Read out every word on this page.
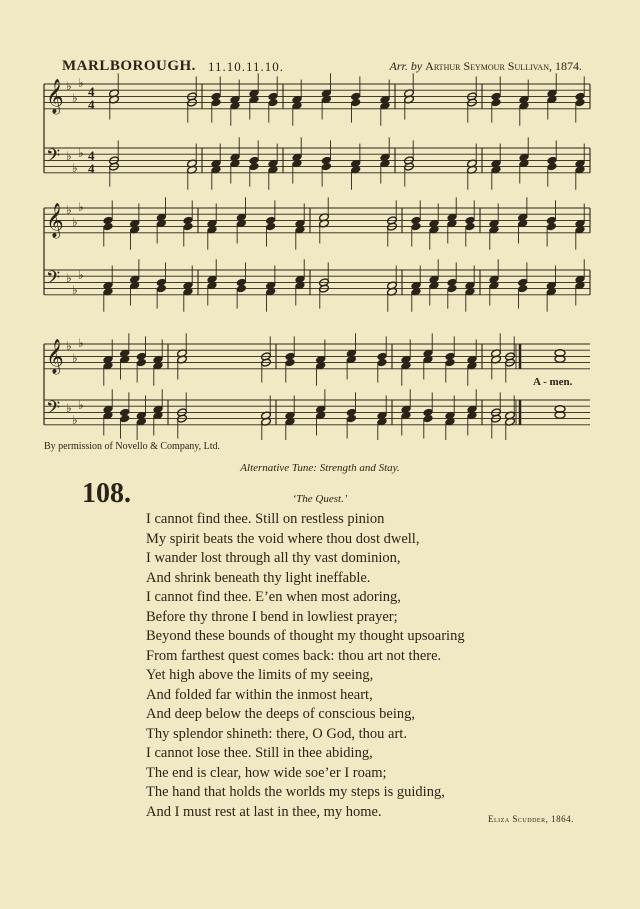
MARLBOROUGH. 11.10.11.10.	Arr. by Arthur Seymour Sullivan, 1874.
𝄞 ♭
♭
♭
4
4
𝄢 ♭
♭
♭ 4
4
𝄞 ♭
♭
♭
𝄢 ♭
♭
♭
𝄞 ♭
♭
♭
𝄢 ♭
♭
♭
A - men.
By permission of Novello & Company, Ltd.
Alternative Tune: Strength and Stay.
108.	‘The Quest.’
I cannot find thee. Still on restless pinion
My spirit beats the void where thou dost dwell,
I wander lost through all thy vast dominion,
And shrink beneath thy light ineffable.
I cannot find thee. E’en when most adoring,
Before thy throne I bend in lowliest prayer;
Beyond these bounds of thought my thought upsoaring
From farthest quest comes back: thou art not there.
Yet high above the limits of my seeing,
And folded far within the inmost heart,
And deep below the deeps of conscious being,
Thy splendor shineth: there, O God, thou art.
I cannot lose thee. Still in thee abiding,
The end is clear, how wide soe’er I roam;
The hand that holds the worlds my steps is guiding,
And I must rest at last in thee, my home.	Eliza Scudder, 1864.
